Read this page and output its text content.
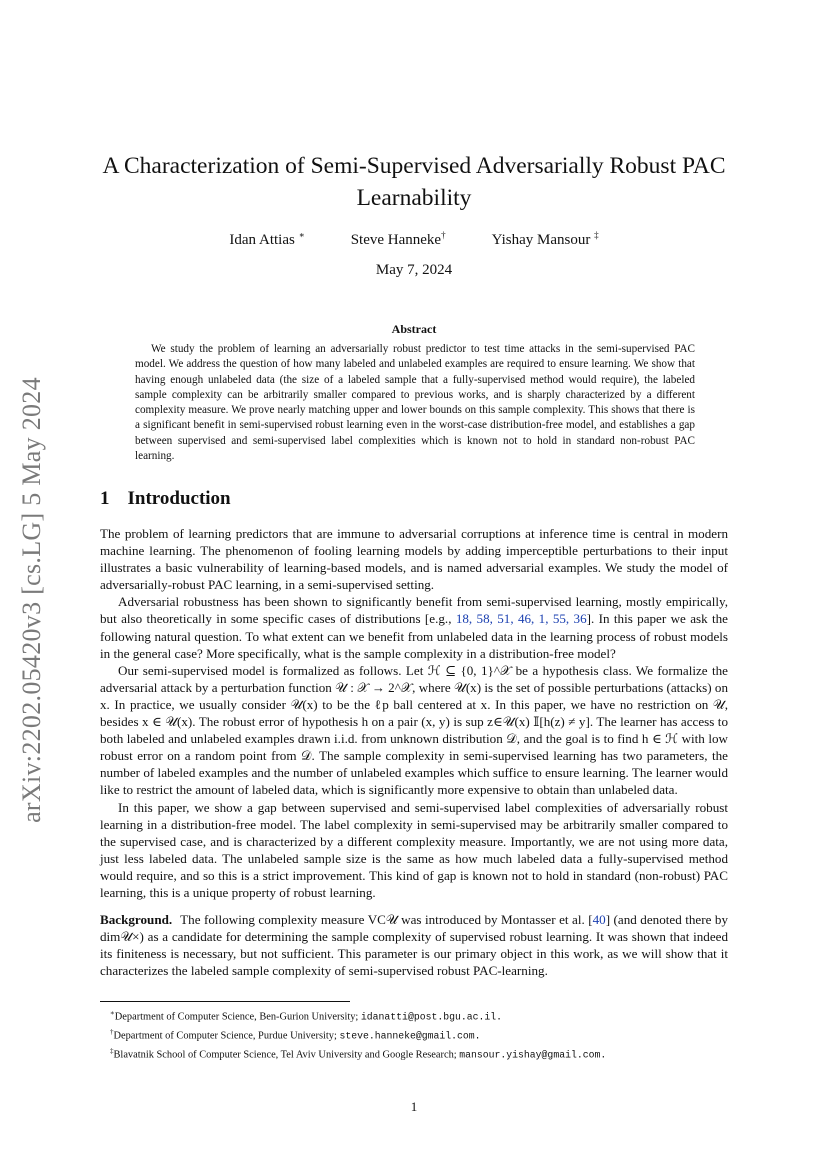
arXiv:2202.05420v3 [cs.LG] 5 May 2024
A Characterization of Semi-Supervised Adversarially Robust PAC Learnability
Idan Attias ∗	Steve Hanneke†	Yishay Mansour ‡
May 7, 2024
Abstract

We study the problem of learning an adversarially robust predictor to test time attacks in the semi-supervised PAC model. We address the question of how many labeled and unlabeled examples are required to ensure learning. We show that having enough unlabeled data (the size of a labeled sample that a fully-supervised method would require), the labeled sample complexity can be arbitrarily smaller compared to previous works, and is sharply characterized by a different complexity measure. We prove nearly matching upper and lower bounds on this sample complexity. This shows that there is a significant benefit in semi-supervised robust learning even in the worst-case distribution-free model, and establishes a gap between supervised and semi-supervised label complexities which is known not to hold in standard non-robust PAC learning.

1 Introduction

The problem of learning predictors that are immune to adversarial corruptions at inference time is central in modern machine learning. The phenomenon of fooling learning models by adding imperceptible perturbations to their input illustrates a basic vulnerability of learning-based models, and is named adversarial examples. We study the model of adversarially-robust PAC learning, in a semi-supervised setting.

Adversarial robustness has been shown to significantly benefit from semi-supervised learning, mostly empirically, but also theoretically in some specific cases of distributions [e.g., 18, 58, 51, 46, 1, 55, 36]. In this paper we ask the following natural question. To what extent can we benefit from unlabeled data in the learning process of robust models in the general case? More specifically, what is the sample complexity in a distribution-free model?

Our semi-supervised model is formalized as follows. Let ℋ ⊆ {0, 1}^𝒳 be a hypothesis class. We formalize the adversarial attack by a perturbation function 𝒰 : 𝒳 → 2^𝒳, where 𝒰(x) is the set of possible perturbations (attacks) on x. In practice, we usually consider 𝒰(x) to be the ℓp ball centered at x. In this paper, we have no restriction on 𝒰, besides x ∈ 𝒰(x). The robust error of hypothesis h on a pair (x, y) is sup z∈𝒰(x) 𝕀[h(z) ≠ y]. The learner has access to both labeled and unlabeled examples drawn i.i.d. from unknown distribution 𝒟, and the goal is to find h ∈ ℋ with low robust error on a random point from 𝒟. The sample complexity in semi-supervised learning has two parameters, the number of labeled examples and the number of unlabeled examples which suffice to ensure learning. The learner would like to restrict the amount of labeled data, which is significantly more expensive to obtain than unlabeled data.

In this paper, we show a gap between supervised and semi-supervised label complexities of adversarially robust learning in a distribution-free model. The label complexity in semi-supervised may be arbitrarily smaller compared to the supervised case, and is characterized by a different complexity measure. Importantly, we are not using more data, just less labeled data. The unlabeled sample size is the same as how much labeled data a fully-supervised method would require, and so this is a strict improvement. This kind of gap is known not to hold in standard (non-robust) PAC learning, this is a unique property of robust learning.

Background. The following complexity measure VC𝒰 was introduced by Montasser et al. [40] (and denoted there by dim𝒰×) as a candidate for determining the sample complexity of supervised robust learning. It was shown that indeed its finiteness is necessary, but not sufficient. This parameter is our primary object in this work, as we will show that it characterizes the labeled sample complexity of semi-supervised robust PAC-learning.

∗Department of Computer Science, Ben-Gurion University; idanatti@post.bgu.ac.il.
†Department of Computer Science, Purdue University; steve.hanneke@gmail.com.
‡Blavatnik School of Computer Science, Tel Aviv University and Google Research; mansour.yishay@gmail.com.
1
